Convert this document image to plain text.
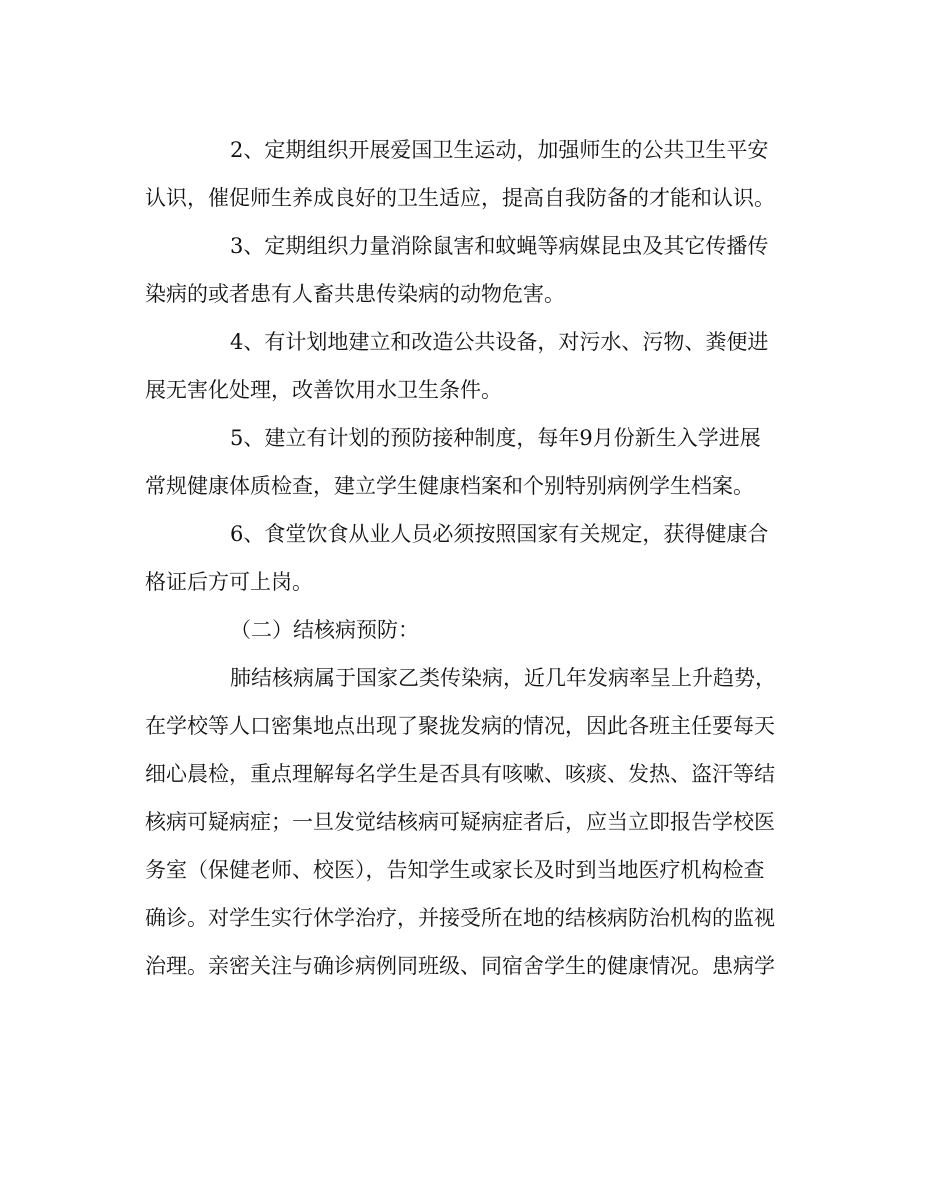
2、定期组织开展爱国卫生运动，加强师生的公共卫生平安
认识，催促师生养成良好的卫生适应，提高自我防备的才能和认识。
3、定期组织力量消除鼠害和蚊蝇等病媒昆虫及其它传播传
染病的或者患有人畜共患传染病的动物危害。
4、有计划地建立和改造公共设备，对污水、污物、粪便进
展无害化处理，改善饮用水卫生条件。
5、建立有计划的预防接种制度，每年9月份新生入学进展
常规健康体质检查，建立学生健康档案和个别特别病例学生档案。
6、食堂饮食从业人员必须按照国家有关规定，获得健康合
格证后方可上岗。
（二）结核病预防：
肺结核病属于国家乙类传染病，近几年发病率呈上升趋势，
在学校等人口密集地点出现了聚拢发病的情况，因此各班主任要每天
细心晨检，重点理解每名学生是否具有咳嗽、咳痰、发热、盗汗等结
核病可疑病症；一旦发觉结核病可疑病症者后，应当立即报告学校医
务室（保健老师、校医），告知学生或家长及时到当地医疗机构检查
确诊。对学生实行休学治疗，并接受所在地的结核病防治机构的监视
治理。亲密关注与确诊病例同班级、同宿舍学生的健康情况。患病学
